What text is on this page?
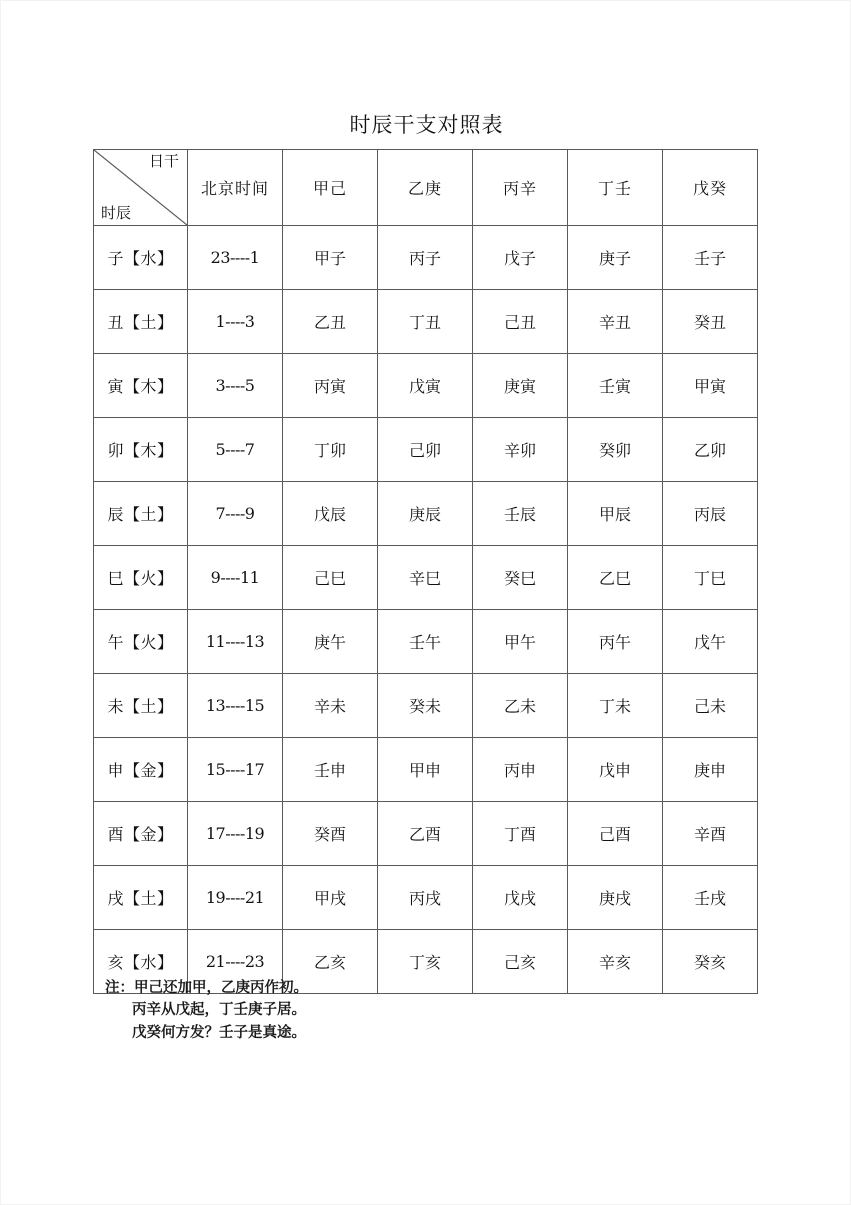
时辰干支对照表
日干
时辰	北京时间	甲己	乙庚	丙辛	丁壬	戊癸
子【水】	23----1	甲子	丙子	戊子	庚子	壬子
丑【土】	1----3	乙丑	丁丑	己丑	辛丑	癸丑
寅【木】	3----5	丙寅	戊寅	庚寅	壬寅	甲寅
卯【木】	5----7	丁卯	己卯	辛卯	癸卯	乙卯
辰【土】	7----9	戊辰	庚辰	壬辰	甲辰	丙辰
巳【火】	9----11	己巳	辛巳	癸巳	乙巳	丁巳
午【火】	11----13	庚午	壬午	甲午	丙午	戊午
未【土】	13----15	辛未	癸未	乙未	丁未	己未
申【金】	15----17	壬申	甲申	丙申	戊申	庚申
酉【金】	17----19	癸酉	乙酉	丁酉	己酉	辛酉
戌【土】	19----21	甲戌	丙戌	戊戌	庚戌	壬戌
亥【水】	21----23	乙亥	丁亥	己亥	辛亥	癸亥
注：甲己还加甲，乙庚丙作初。
丙辛从戊起，丁壬庚子居。
戊癸何方发？壬子是真途。
